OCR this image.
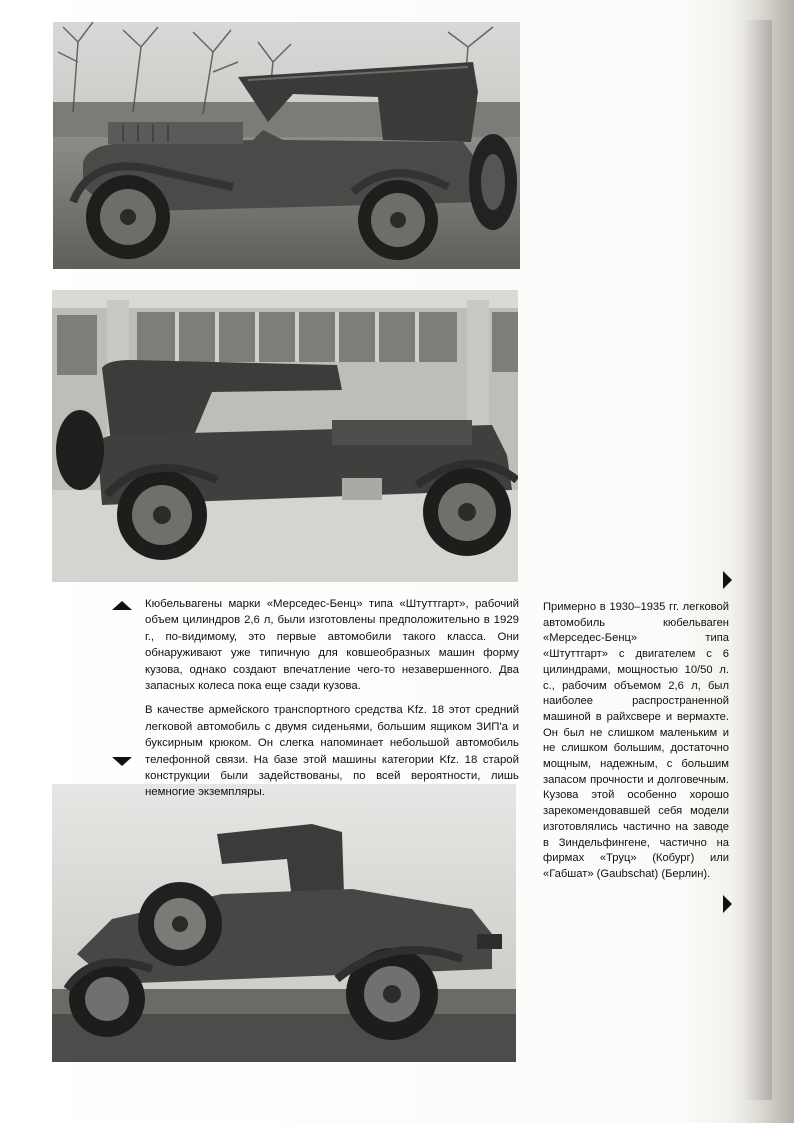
Кюбельвагены марки «Мерседес-Бенц» типа «Штуттгарт», рабочий объем цилиндров 2,6 л, были изготовлены предположительно в 1929 г., по-видимому, это первые автомобили такого класса. Они обнаруживают уже типичную для ковшеобразных машин форму кузова, однако создают впечатление чего-то незавершенного. Два запасных колеса пока еще сзади кузова.

В качестве армейского транспортного средства Kfz. 18 этот средний легковой автомобиль с двумя сиденьями, большим ящиком ЗИП'а и буксирным крюком. Он слегка напоминает небольшой автомобиль телефонной связи. На базе этой машины категории Kfz. 18 старой конструкции были задействованы, по всей вероятности, лишь немногие экземпляры.

Примерно в 1930–1935 гг. легковой автомобиль кюбельваген «Мерседес-Бенц» типа «Штуттгарт» с двигателем с 6 цилиндрами, мощностью 10/50 л. с., рабочим объемом 2,6 л, был наиболее распространенной машиной в райхсвере и вермахте. Он был не слишком маленьким и не слишком большим, достаточно мощным, надежным, с большим запасом прочности и долговечным. Кузова этой особенно хорошо зарекомендовавшей себя модели изготовлялись частично на заводе в Зиндельфингене, частично на фирмах «Труц» (Кобург) или «Габшат» (Gaubschat) (Берлин).
